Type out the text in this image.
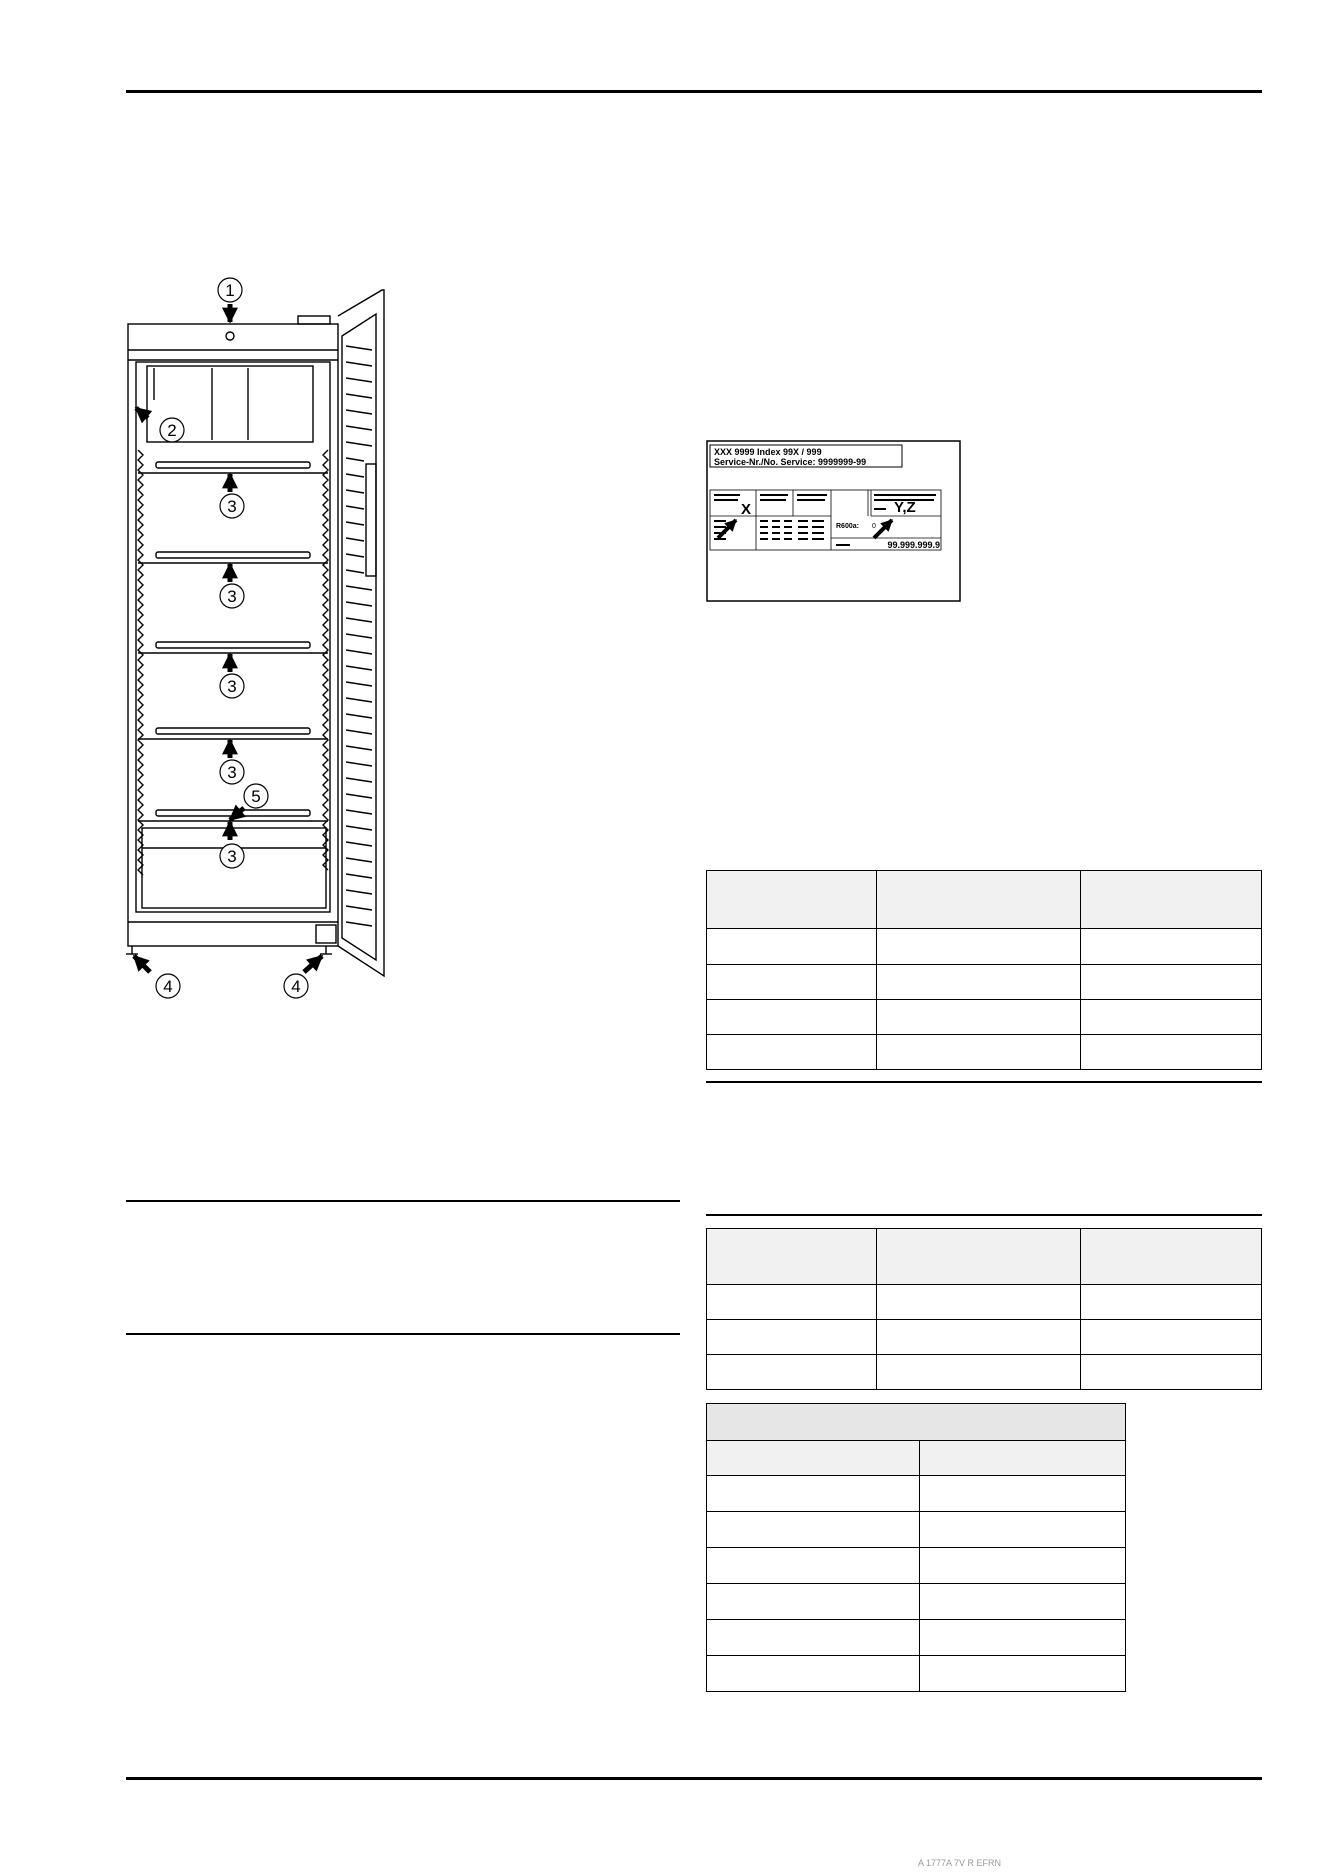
1
2
3
3
3
3
3
5
4	4
XXX 9999 Index 99X / 999
Service-Nr./No. Service: 9999999-99
X	Y,Z
R600a: 0
99.999.999.9

A 1777A 7V R EFRN
